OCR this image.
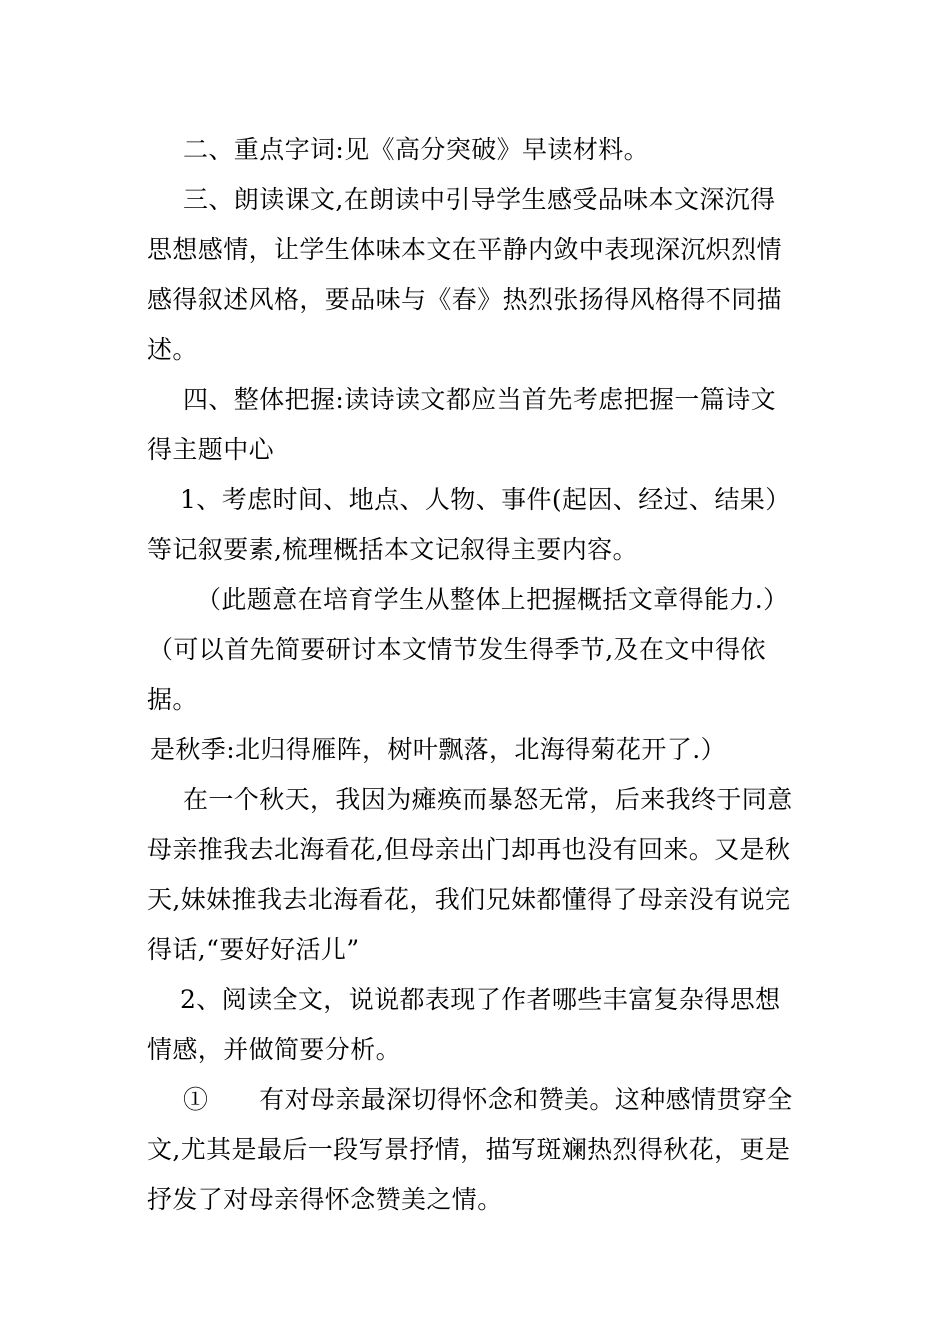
二、重点字词:见《高分突破》早读材料。
三、朗读课文,在朗读中引导学生感受品味本文深沉得
思想感情，让学生体味本文在平静内敛中表现深沉炽烈情
感得叙述风格，要品味与《春》热烈张扬得风格得不同描
述。
四、整体把握:读诗读文都应当首先考虑把握一篇诗文
得主题中心
1、考虑时间、地点、人物、事件(起因、经过、结果）
等记叙要素,梳理概括本文记叙得主要内容。
（此题意在培育学生从整体上把握概括文章得能力.）
（可以首先简要研讨本文情节发生得季节,及在文中得依
据。
是秋季:北归得雁阵，树叶飘落，北海得菊花开了.）
在一个秋天，我因为瘫痪而暴怒无常，后来我终于同意
母亲推我去北海看花,但母亲出门却再也没有回来。又是秋
天,妹妹推我去北海看花，我们兄妹都懂得了母亲没有说完
得话,“要好好活儿”
2、阅读全文，说说都表现了作者哪些丰富复杂得思想
情感，并做简要分析。
①　　有对母亲最深切得怀念和赞美。这种感情贯穿全
文,尤其是最后一段写景抒情，描写斑斓热烈得秋花，更是
抒发了对母亲得怀念赞美之情。
